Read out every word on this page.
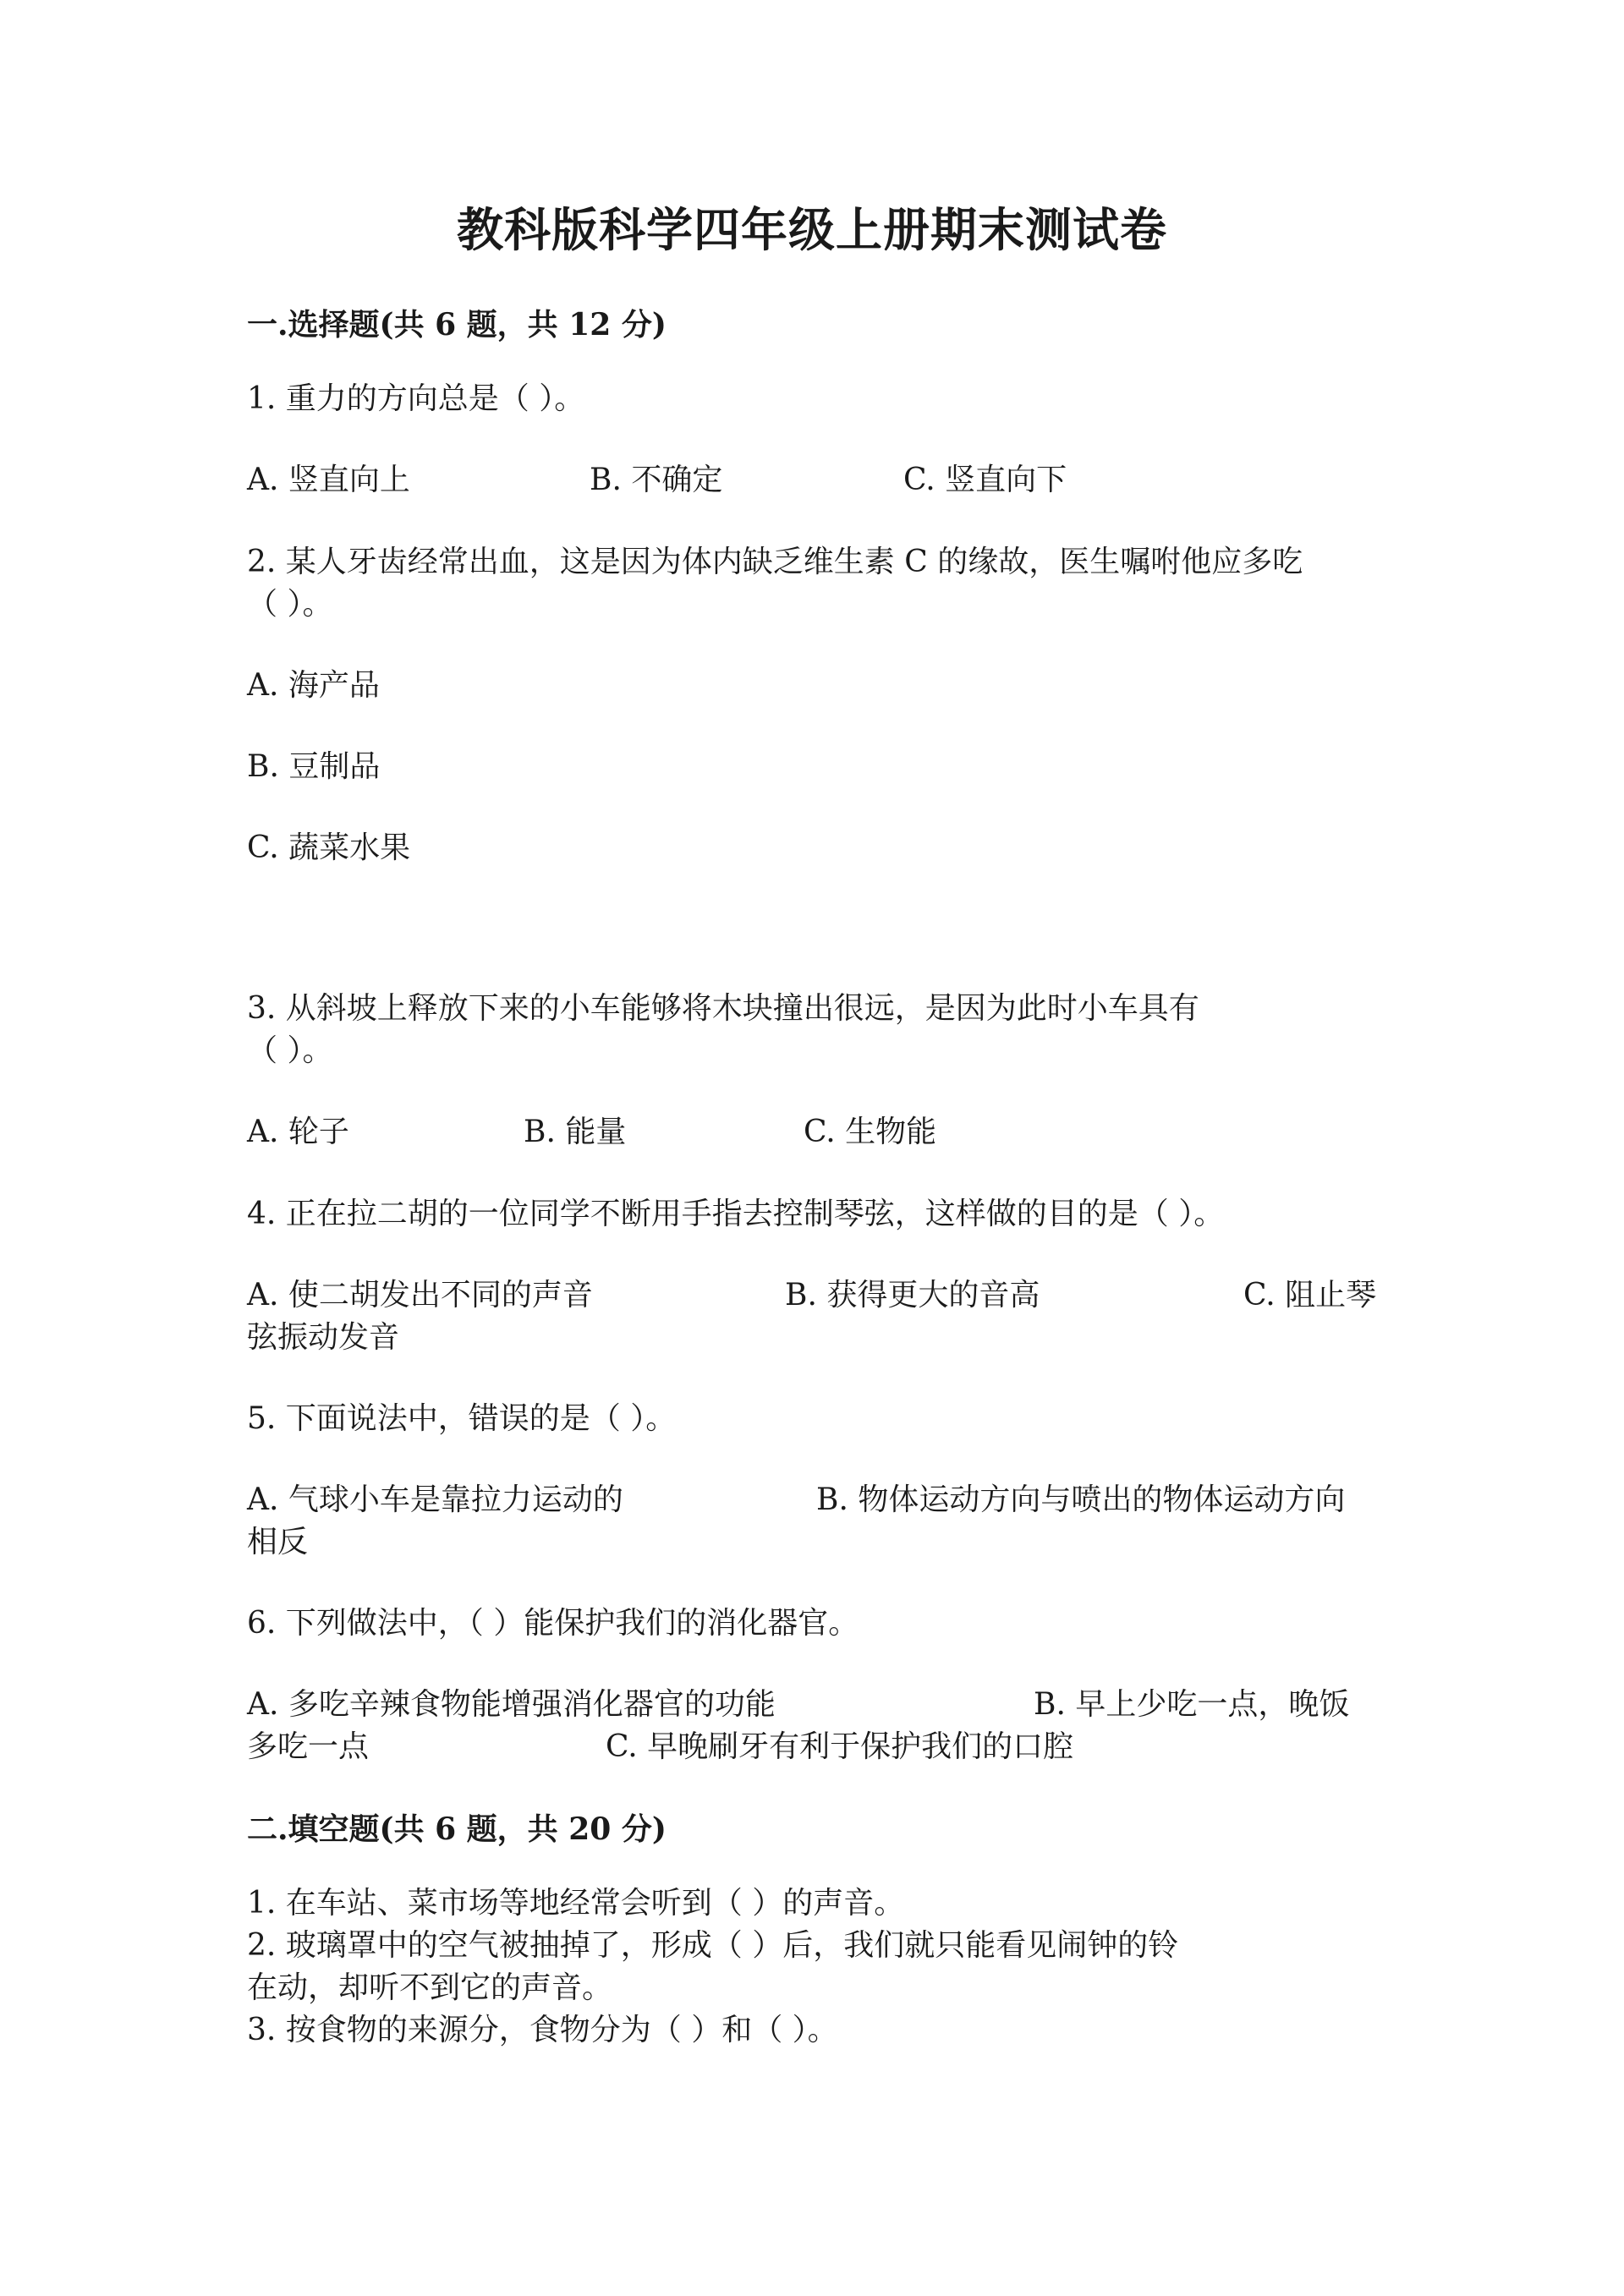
教科版科学四年级上册期末测试卷

一.选择题(共 6 题，共 12 分)

1. 重力的方向总是（ ）。

A. 竖直向上	B. 不确定	C. 竖直向下

2. 某人牙齿经常出血，这是因为体内缺乏维生素 C 的缘故，医生嘱咐他应多吃

（ ）。

A. 海产品

B. 豆制品

C. 蔬菜水果

3. 从斜坡上释放下来的小车能够将木块撞出很远，是因为此时小车具有

（ ）。

A. 轮子	B. 能量	C. 生物能

4. 正在拉二胡的一位同学不断用手指去控制琴弦，这样做的目的是（ ）。

A. 使二胡发出不同的声音	B. 获得更大的音高	C. 阻止琴

弦振动发音

5. 下面说法中，错误的是（ ）。

A. 气球小车是靠拉力运动的	B. 物体运动方向与喷出的物体运动方向

相反

6. 下列做法中，（ ）能保护我们的消化器官。

A. 多吃辛辣食物能增强消化器官的功能	B. 早上少吃一点，晚饭

多吃一点	C. 早晚刷牙有利于保护我们的口腔

二.填空题(共 6 题，共 20 分)

1. 在车站、菜市场等地经常会听到（ ）的声音。

2. 玻璃罩中的空气被抽掉了，形成（ ）后，我们就只能看见闹钟的铃

在动，却听不到它的声音。

3. 按食物的来源分，食物分为（ ）和（ ）。
